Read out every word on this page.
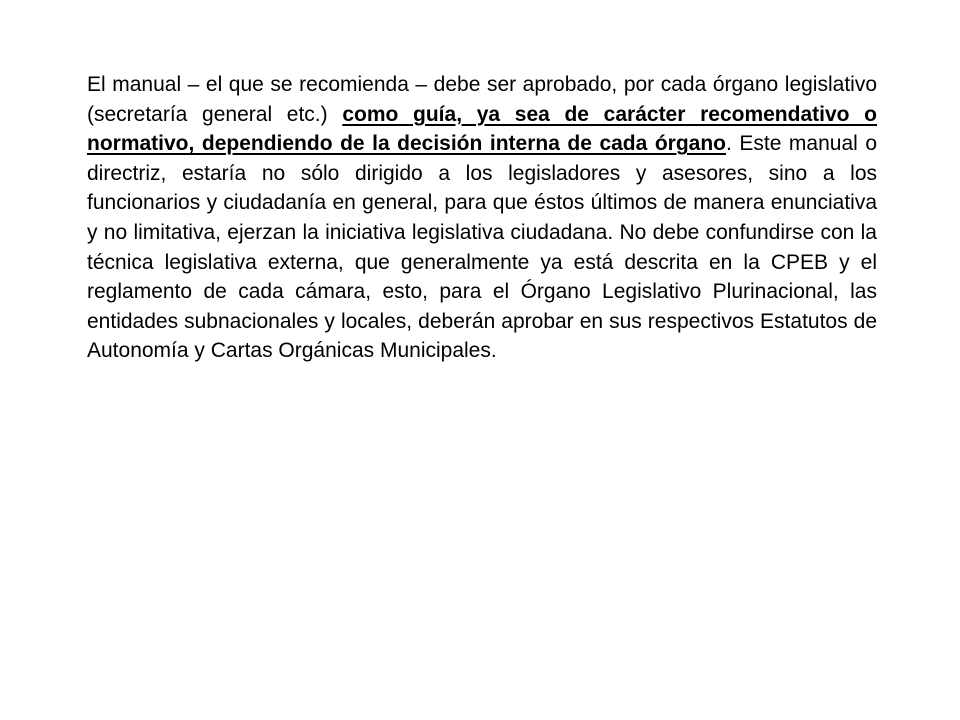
El manual – el que se recomienda – debe ser aprobado, por cada órgano legislativo (secretaría general etc.) como guía, ya sea de carácter recomendativo o normativo, dependiendo de la decisión interna de cada órgano. Este manual o directriz, estaría no sólo dirigido a los legisladores y asesores, sino a los funcionarios y ciudadanía en general, para que éstos últimos de manera enunciativa y no limitativa, ejerzan la iniciativa legislativa ciudadana. No debe confundirse con la técnica legislativa externa, que generalmente ya está descrita en la CPEB y el reglamento de cada cámara, esto, para el Órgano Legislativo Plurinacional, las entidades subnacionales y locales, deberán aprobar en sus respectivos Estatutos de Autonomía y Cartas Orgánicas Municipales.
